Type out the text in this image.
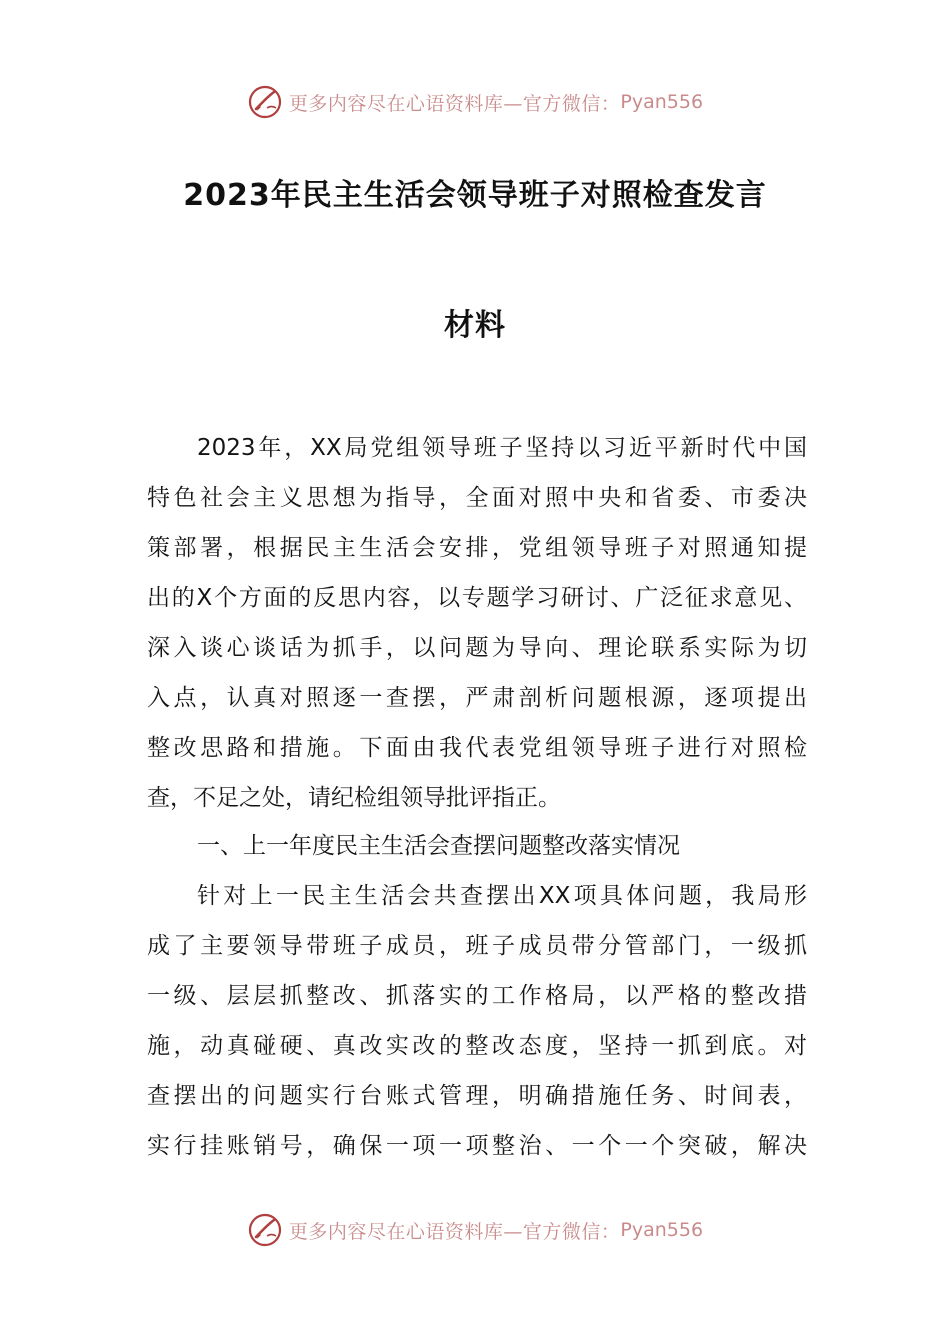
更多内容尽在心语资料库—官方微信： Pyan556
2023年民主生活会领导班子对照检查发言
材料
2023年，XX局党组领导班子坚持以习近平新时代中国
特色社会主义思想为指导，全面对照中央和省委、市委决
策部署，根据民主生活会安排，党组领导班子对照通知提
出的X个方面的反思内容，以专题学习研讨、广泛征求意见、
深入谈心谈话为抓手，以问题为导向、理论联系实际为切
入点，认真对照逐一查摆，严肃剖析问题根源，逐项提出
整改思路和措施。下面由我代表党组领导班子进行对照检
查，不足之处，请纪检组领导批评指正。
一、上一年度民主生活会查摆问题整改落实情况
针对上一民主生活会共查摆出XX项具体问题，我局形
成了主要领导带班子成员，班子成员带分管部门，一级抓
一级、层层抓整改、抓落实的工作格局，以严格的整改措
施，动真碰硬、真改实改的整改态度，坚持一抓到底。对
查摆出的问题实行台账式管理，明确措施任务、时间表，
实行挂账销号，确保一项一项整治、一个一个突破，解决
更多内容尽在心语资料库—官方微信： Pyan556
